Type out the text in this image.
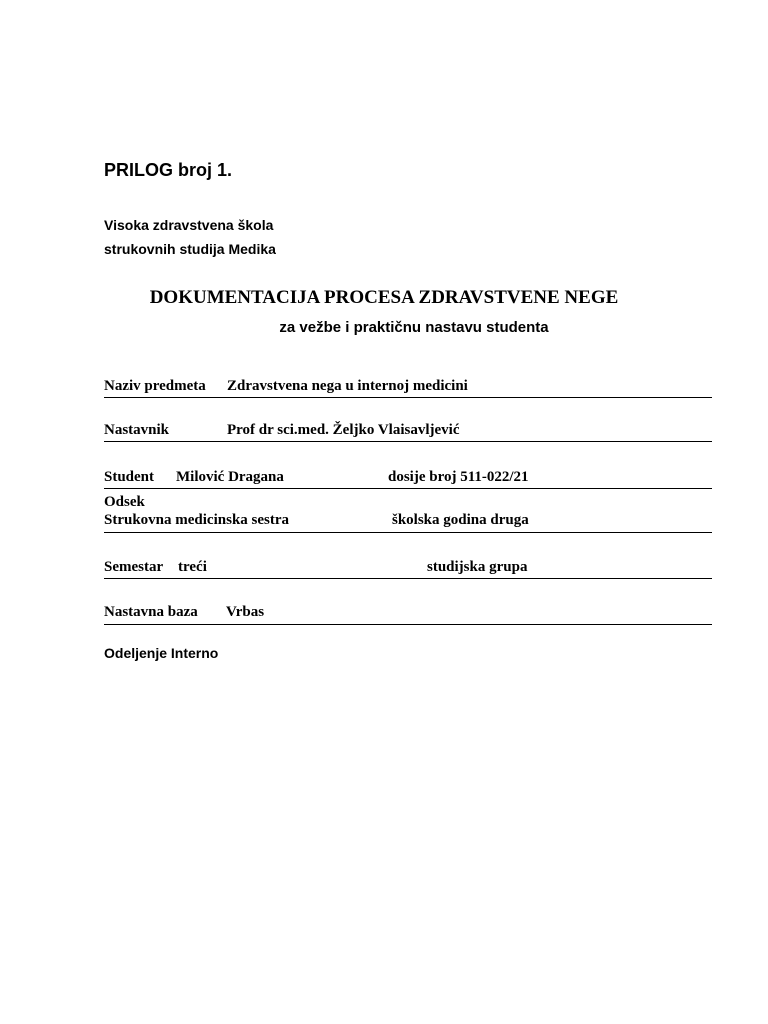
PRILOG broj 1.
Visoka zdravstvena škola
strukovnih studija Medika
DOKUMENTACIJA PROCESA ZDRAVSTVENE NEGE
za vežbe i praktičnu nastavu studenta
Naziv predmeta Zdravstvena nega u internoj medicini
Nastavnik	Prof dr sci.med. Željko Vlaisavljević
Student Milović Dragana	dosije broj 511-022/21
Odsek
Strukovna medicinska sestra	školska godina druga
Semestar treći	studijska grupa
Nastavna baza Vrbas
Odeljenje Interno
